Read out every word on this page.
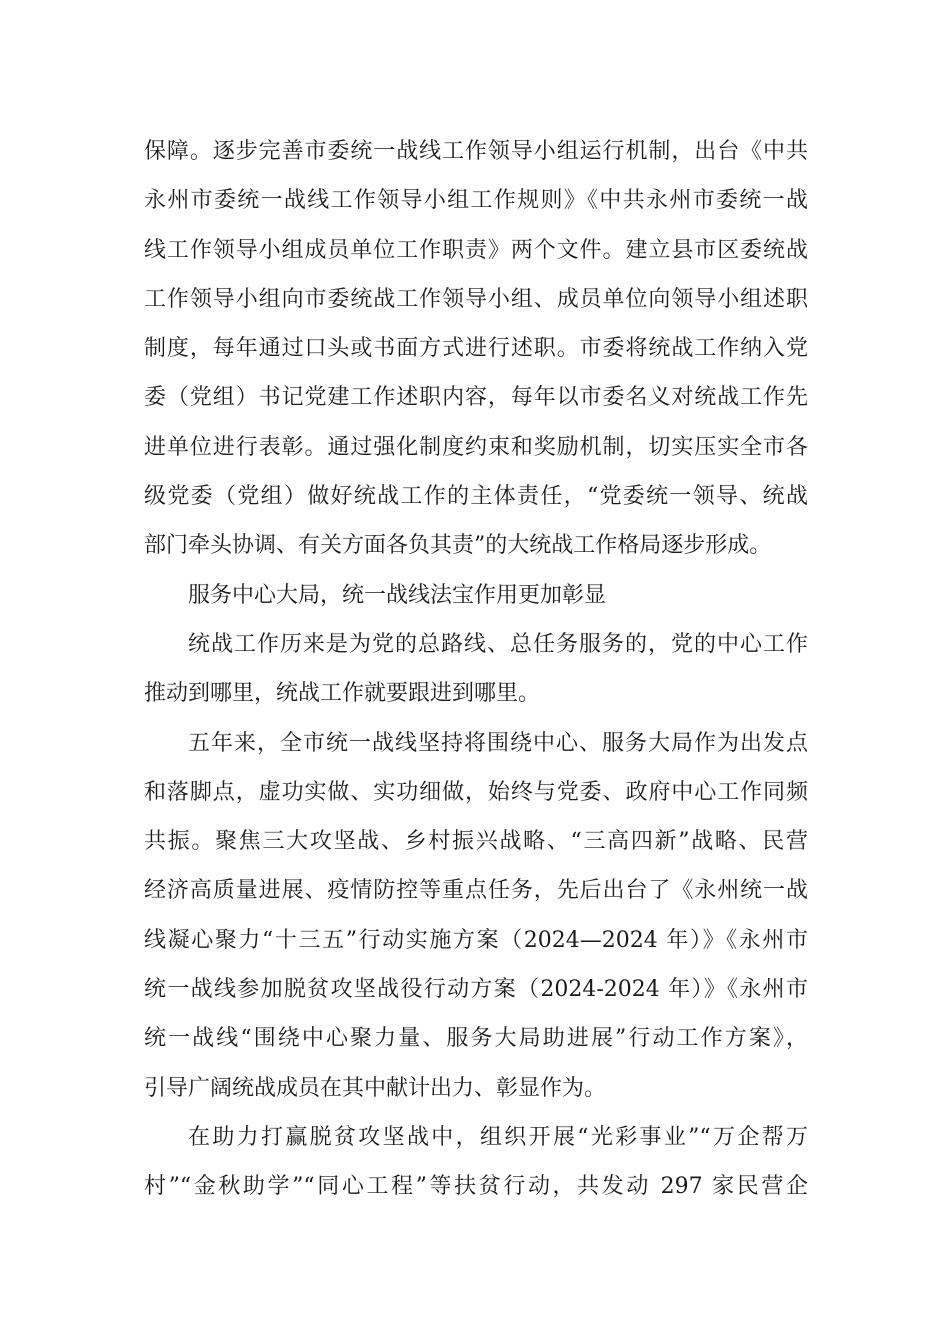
保障。逐步完善市委统一战线工作领导小组运行机制，出台《中共
永州市委统一战线工作领导小组工作规则》《中共永州市委统一战
线工作领导小组成员单位工作职责》两个文件。建立县市区委统战
工作领导小组向市委统战工作领导小组、成员单位向领导小组述职
制度，每年通过口头或书面方式进行述职。市委将统战工作纳入党
委（党组）书记党建工作述职内容，每年以市委名义对统战工作先
进单位进行表彰。通过强化制度约束和奖励机制，切实压实全市各
级党委（党组）做好统战工作的主体责任，“党委统一领导、统战
部门牵头协调、有关方面各负其责”的大统战工作格局逐步形成。
服务中心大局，统一战线法宝作用更加彰显
统战工作历来是为党的总路线、总任务服务的，党的中心工作
推动到哪里，统战工作就要跟进到哪里。
五年来，全市统一战线坚持将围绕中心、服务大局作为出发点
和落脚点，虚功实做、实功细做，始终与党委、政府中心工作同频
共振。聚焦三大攻坚战、乡村振兴战略、“三高四新”战略、民营
经济高质量进展、疫情防控等重点任务，先后出台了《永州统一战
线凝心聚力“十三五”行动实施方案（2024—2024 年）》《永州市
统一战线参加脱贫攻坚战役行动方案（2024-2024 年）》《永州市
统一战线“围绕中心聚力量、服务大局助进展”行动工作方案》，
引导广阔统战成员在其中献计出力、彰显作为。
在助力打赢脱贫攻坚战中，组织开展“光彩事业”“万企帮万
村”“金秋助学”“同心工程”等扶贫行动，共发动 297 家民营企
